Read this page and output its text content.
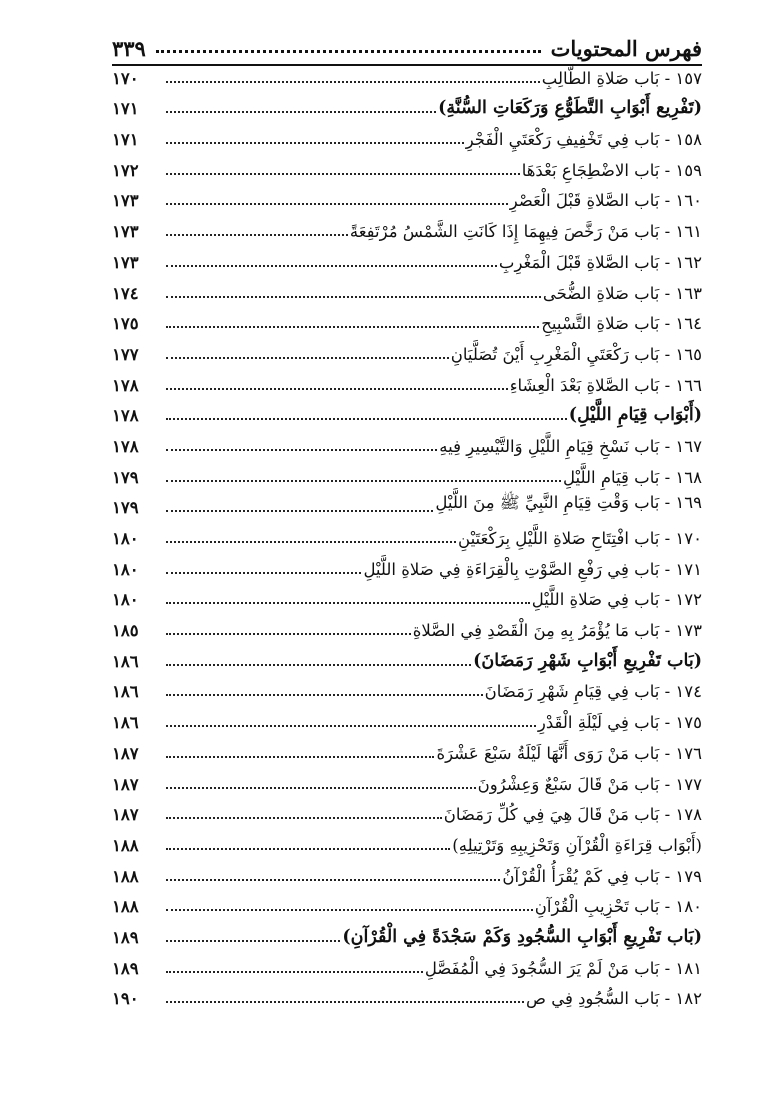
فهرس المحتويات
٣٣٩
١٥٧ - بَاب صَلاةِ الطَّالِبِ
١٧٠
(تَفْرِيع أَبْوَابِ التَّطَوُّعِ وَرَكَعَاتِ السُّنَّةِ)
١٧١
١٥٨ - بَاب فِي تَخْفِيفِ رَكْعَتَيِ الْفَجْرِ
١٧١
١٥٩ - بَاب الاضْطِجَاعِ بَعْدَهَا
١٧٢
١٦٠ - بَاب الصَّلاةِ قَبْلَ الْعَصْرِ
١٧٣
١٦١ - بَاب مَنْ رَخَّصَ فِيهِمَا إِذَا كَانَتِ الشَّمْسُ مُرْتَفِعَةً
١٧٣
١٦٢ - بَاب الصَّلاةِ قَبْلَ الْمَغْرِبِ
١٧٣
١٦٣ - بَاب صَلاةِ الضُّحَى
١٧٤
١٦٤ - بَاب صَلاةِ التَّسْبِيحِ
١٧٥
١٦٥ - بَاب رَكْعَتَيِ الْمَغْرِبِ أَيْنَ تُصَلَّيَانِ
١٧٧
١٦٦ - بَاب الصَّلاةِ بَعْدَ الْعِشَاءِ
١٧٨
(أَبْوَاب قِيَامِ اللَّيْلِ)
١٧٨
١٦٧ - بَاب نَسْخِ قِيَامِ اللَّيْلِ وَالتَّيْسِيرِ فِيهِ
١٧٨
١٦٨ - بَاب قِيَامِ اللَّيْلِ
١٧٩
١٦٩ - بَاب وَقْتِ قِيَامِ النَّبِيِّ ﷺ مِنَ اللَّيْلِ
١٧٩
١٧٠ - بَاب افْتِتَاحِ صَلاةِ اللَّيْلِ بِرَكْعَتَيْنِ
١٨٠
١٧١ - بَاب فِي رَفْعِ الصَّوْتِ بِالْقِرَاءَةِ فِي صَلاةِ اللَّيْلِ
١٨٠
١٧٢ - بَاب فِي صَلاةِ اللَّيْلِ
١٨٠
١٧٣ - بَاب مَا يُؤْمَرُ بِهِ مِنَ الْقَصْدِ فِي الصَّلاةِ
١٨٥
(بَاب تَفْرِيعِ أَبْوَابِ شَهْرِ رَمَضَانَ)
١٨٦
١٧٤ - بَاب فِي قِيَامِ شَهْرِ رَمَضَانَ
١٨٦
١٧٥ - بَاب فِي لَيْلَةِ الْقَدْرِ
١٨٦
١٧٦ - بَاب مَنْ رَوَى أَنَّهَا لَيْلَةُ سَبْعَ عَشْرَةَ
١٨٧
١٧٧ - بَاب مَنْ قَالَ سَبْعٌ وَعِشْرُونَ
١٨٧
١٧٨ - بَاب مَنْ قَالَ هِيَ فِي كُلِّ رَمَضَانَ
١٨٧
(أَبْوَاب قِرَاءَةِ الْقُرْآنِ وَتَحْزِيبِهِ وَتَرْتِيلِهِ)
١٨٨
١٧٩ - بَاب فِي كَمْ يُقْرَأُ الْقُرْآنُ
١٨٨
١٨٠ - بَاب تَحْزِيبِ الْقُرْآنِ
١٨٨
(بَاب تَفْرِيعِ أَبْوَابِ السُّجُودِ وَكَمْ سَجْدَةً فِي الْقُرْآنِ)
١٨٩
١٨١ - بَاب مَنْ لَمْ يَرَ السُّجُودَ فِي الْمُفَصَّلِ
١٨٩
١٨٢ - بَاب السُّجُودِ فِي ص
١٩٠
